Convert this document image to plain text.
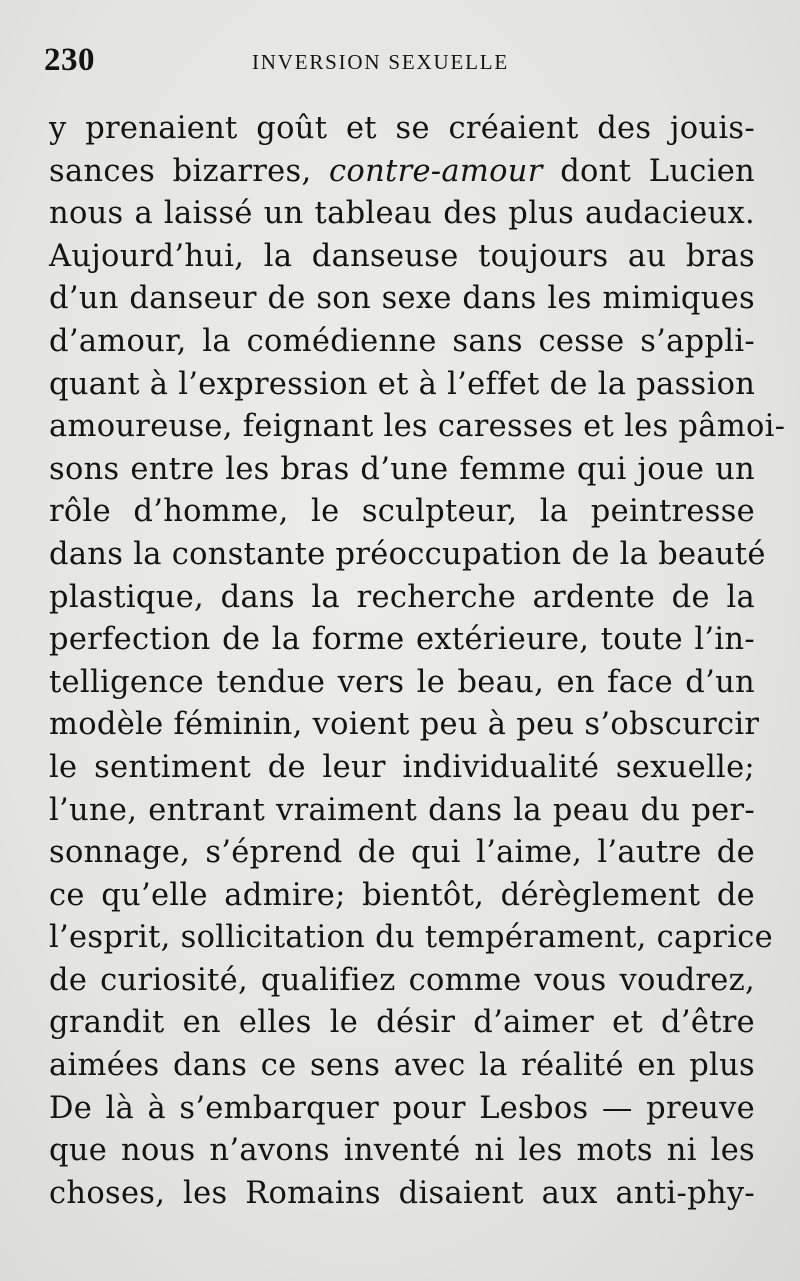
230	INVERSION SEXUELLE
y prenaient goût et se créaient des jouis-
sances bizarres, contre-amour dont Lucien
nous a laissé un tableau des plus audacieux.
Aujourd’hui, la danseuse toujours au bras
d’un danseur de son sexe dans les mimiques
d’amour, la comédienne sans cesse s’appli-
quant à l’expression et à l’effet de la passion
amoureuse, feignant les caresses et les pâmoi-
sons entre les bras d’une femme qui joue un
rôle d’homme, le sculpteur, la peintresse
dans la constante préoccupation de la beauté
plastique, dans la recherche ardente de la
perfection de la forme extérieure, toute l’in-
telligence tendue vers le beau, en face d’un
modèle féminin, voient peu à peu s’obscurcir
le sentiment de leur individualité sexuelle;
l’une, entrant vraiment dans la peau du per-
sonnage, s’éprend de qui l’aime, l’autre de
ce qu’elle admire; bientôt, dérèglement de
l’esprit, sollicitation du tempérament, caprice
de curiosité, qualifiez comme vous voudrez,
grandit en elles le désir d’aimer et d’être
aimées dans ce sens avec la réalité en plus
De là à s’embarquer pour Lesbos — preuve
que nous n’avons inventé ni les mots ni les
choses, les Romains disaient aux anti-phy-
